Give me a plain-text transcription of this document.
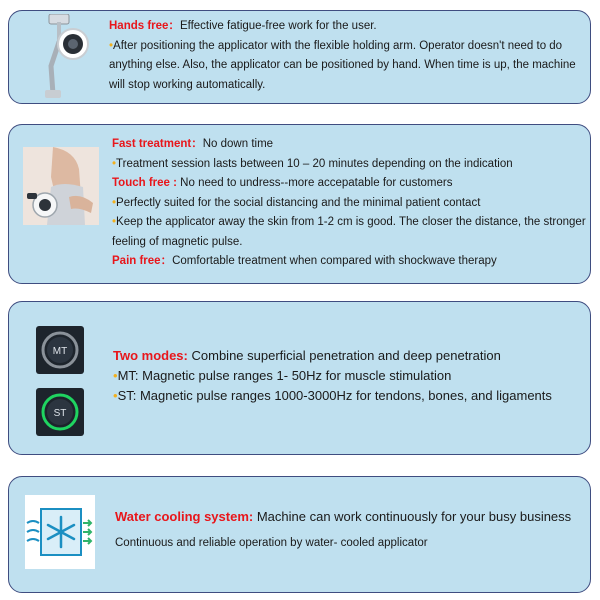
Hands free：Effective fatigue-free work for the user.
•After positioning the applicator with the flexible holding arm. Operator doesn't need to do anything else. Also, the applicator can be positioned by hand. When time is up, the machine will stop working automatically.
Fast treatment：No down time
•Treatment session lasts between 10 – 20 minutes depending on the indication
Touch free : No need to undress--more accepatable for customers
•Perfectly suited for the social distancing and the minimal patient contact
•Keep the applicator away the skin from 1-2 cm is good. The closer the distance, the stronger feeling of magnetic pulse.
Pain free：Comfortable treatment when compared with shockwave therapy
MT
ST
Two modes: Combine superficial penetration and deep penetration
•MT: Magnetic pulse ranges 1- 50Hz for muscle stimulation
•ST: Magnetic pulse ranges 1000-3000Hz for tendons, bones, and ligaments
Water cooling system: Machine can work continuously for your busy business
Continuous and reliable operation by water- cooled applicator
